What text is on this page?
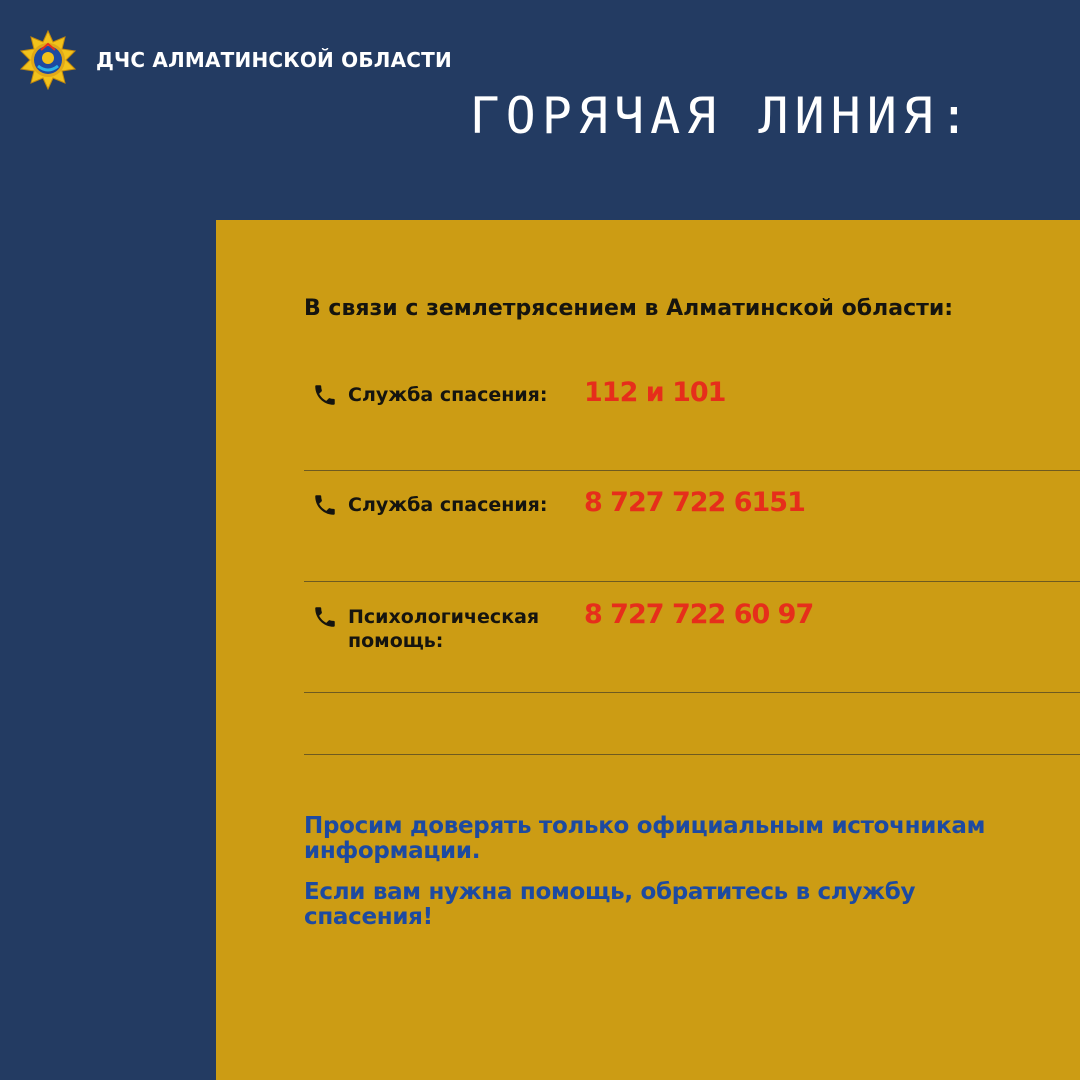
ДЧС АЛМАТИНСКОЙ ОБЛАСТИ
ГОРЯЧАЯ ЛИНИЯ:
В связи с землетрясением в Алматинской области:
Служба спасения:	112 и 101
Служба спасения:	8 727 722 6151
Психологическая помощь:
8 727 722 60 97
Просим доверять только официальным источникам информации.
Если вам нужна помощь, обратитесь в службу спасения!
